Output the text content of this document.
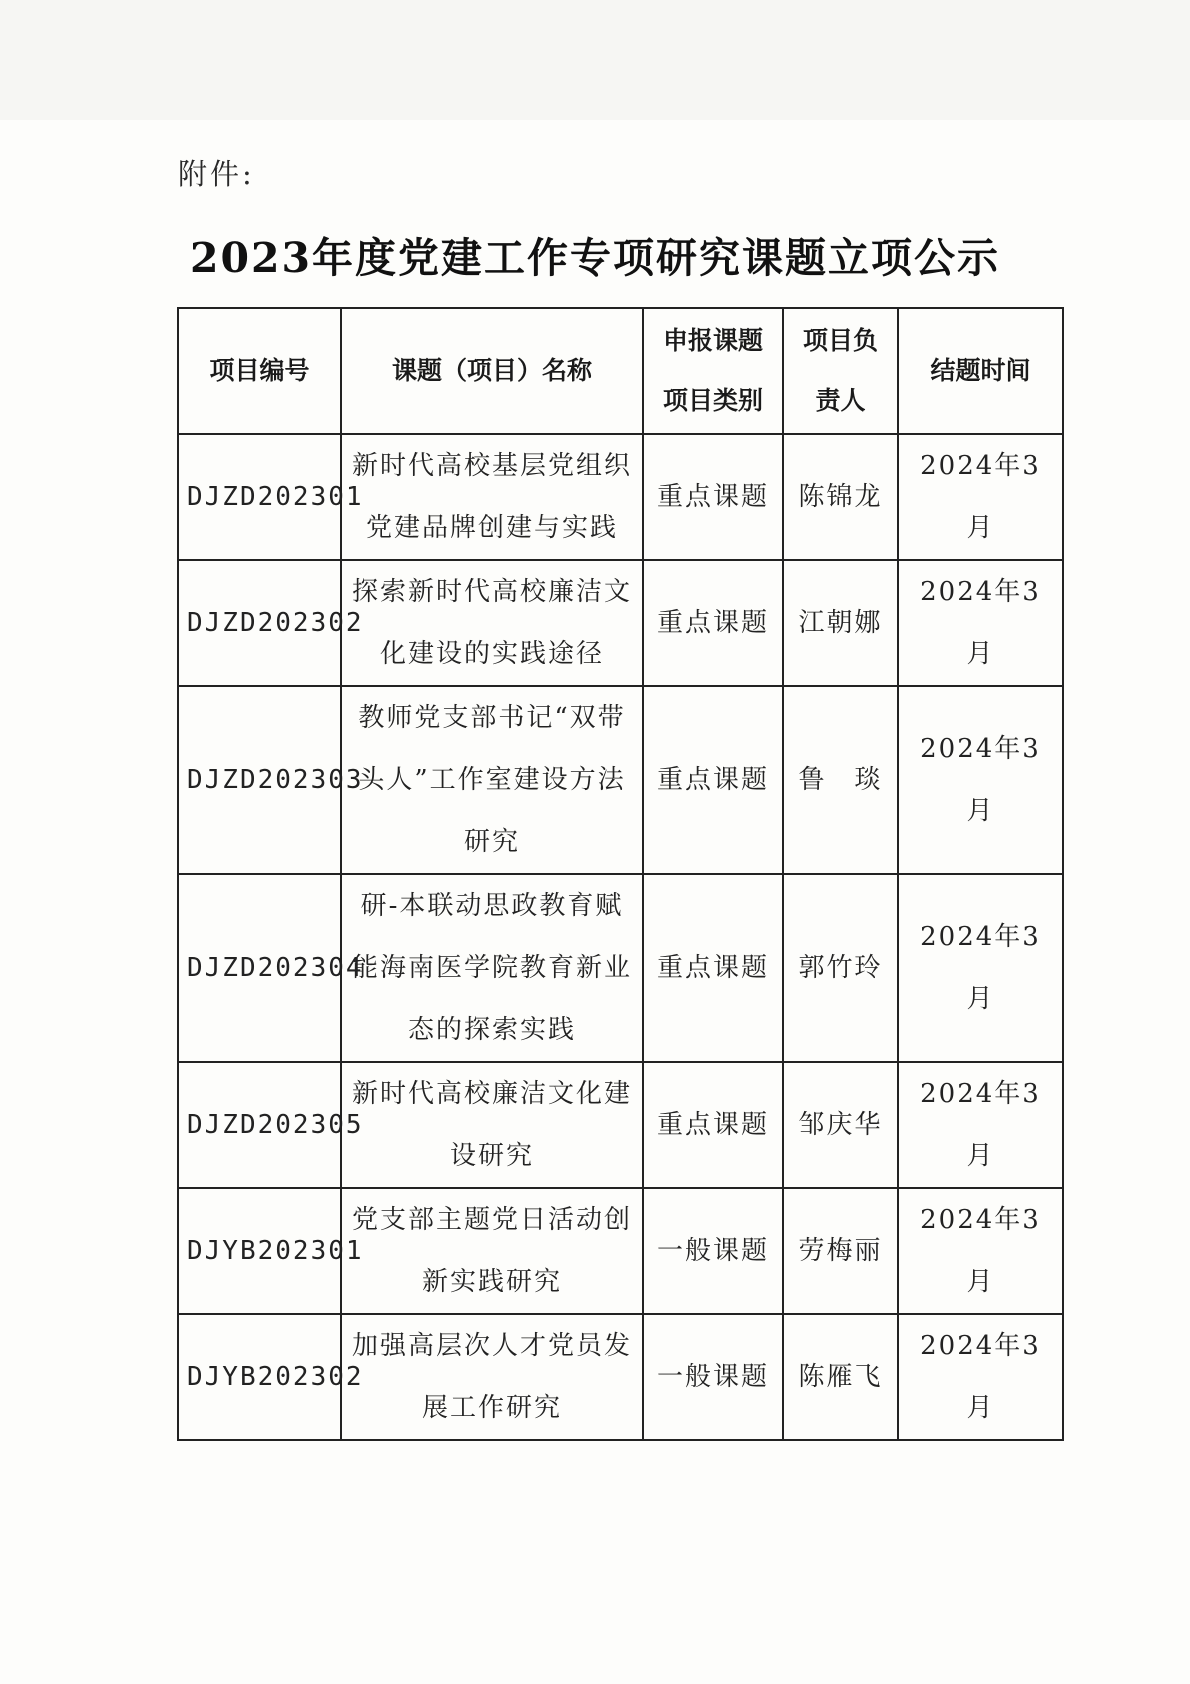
附件:
2023年度党建工作专项研究课题立项公示
项目编号	课题（项目）名称	申报课题项目类别	项目负责人	结题时间
DJZD202301	新时代高校基层党组织党建品牌创建与实践	重点课题	陈锦龙	2024年3月
DJZD202302	探索新时代高校廉洁文化建设的实践途径	重点课题	江朝娜	2024年3月
DJZD202303	教师党支部书记“双带头人”工作室建设方法研究	重点课题	鲁　琰	2024年3月
DJZD202304	研-本联动思政教育赋能海南医学院教育新业态的探索实践	重点课题	郭竹玲	2024年3月
DJZD202305	新时代高校廉洁文化建设研究	重点课题	邹庆华	2024年3月
DJYB202301	党支部主题党日活动创新实践研究	一般课题	劳梅丽	2024年3月
DJYB202302	加强高层次人才党员发展工作研究	一般课题	陈雁飞	2024年3月
